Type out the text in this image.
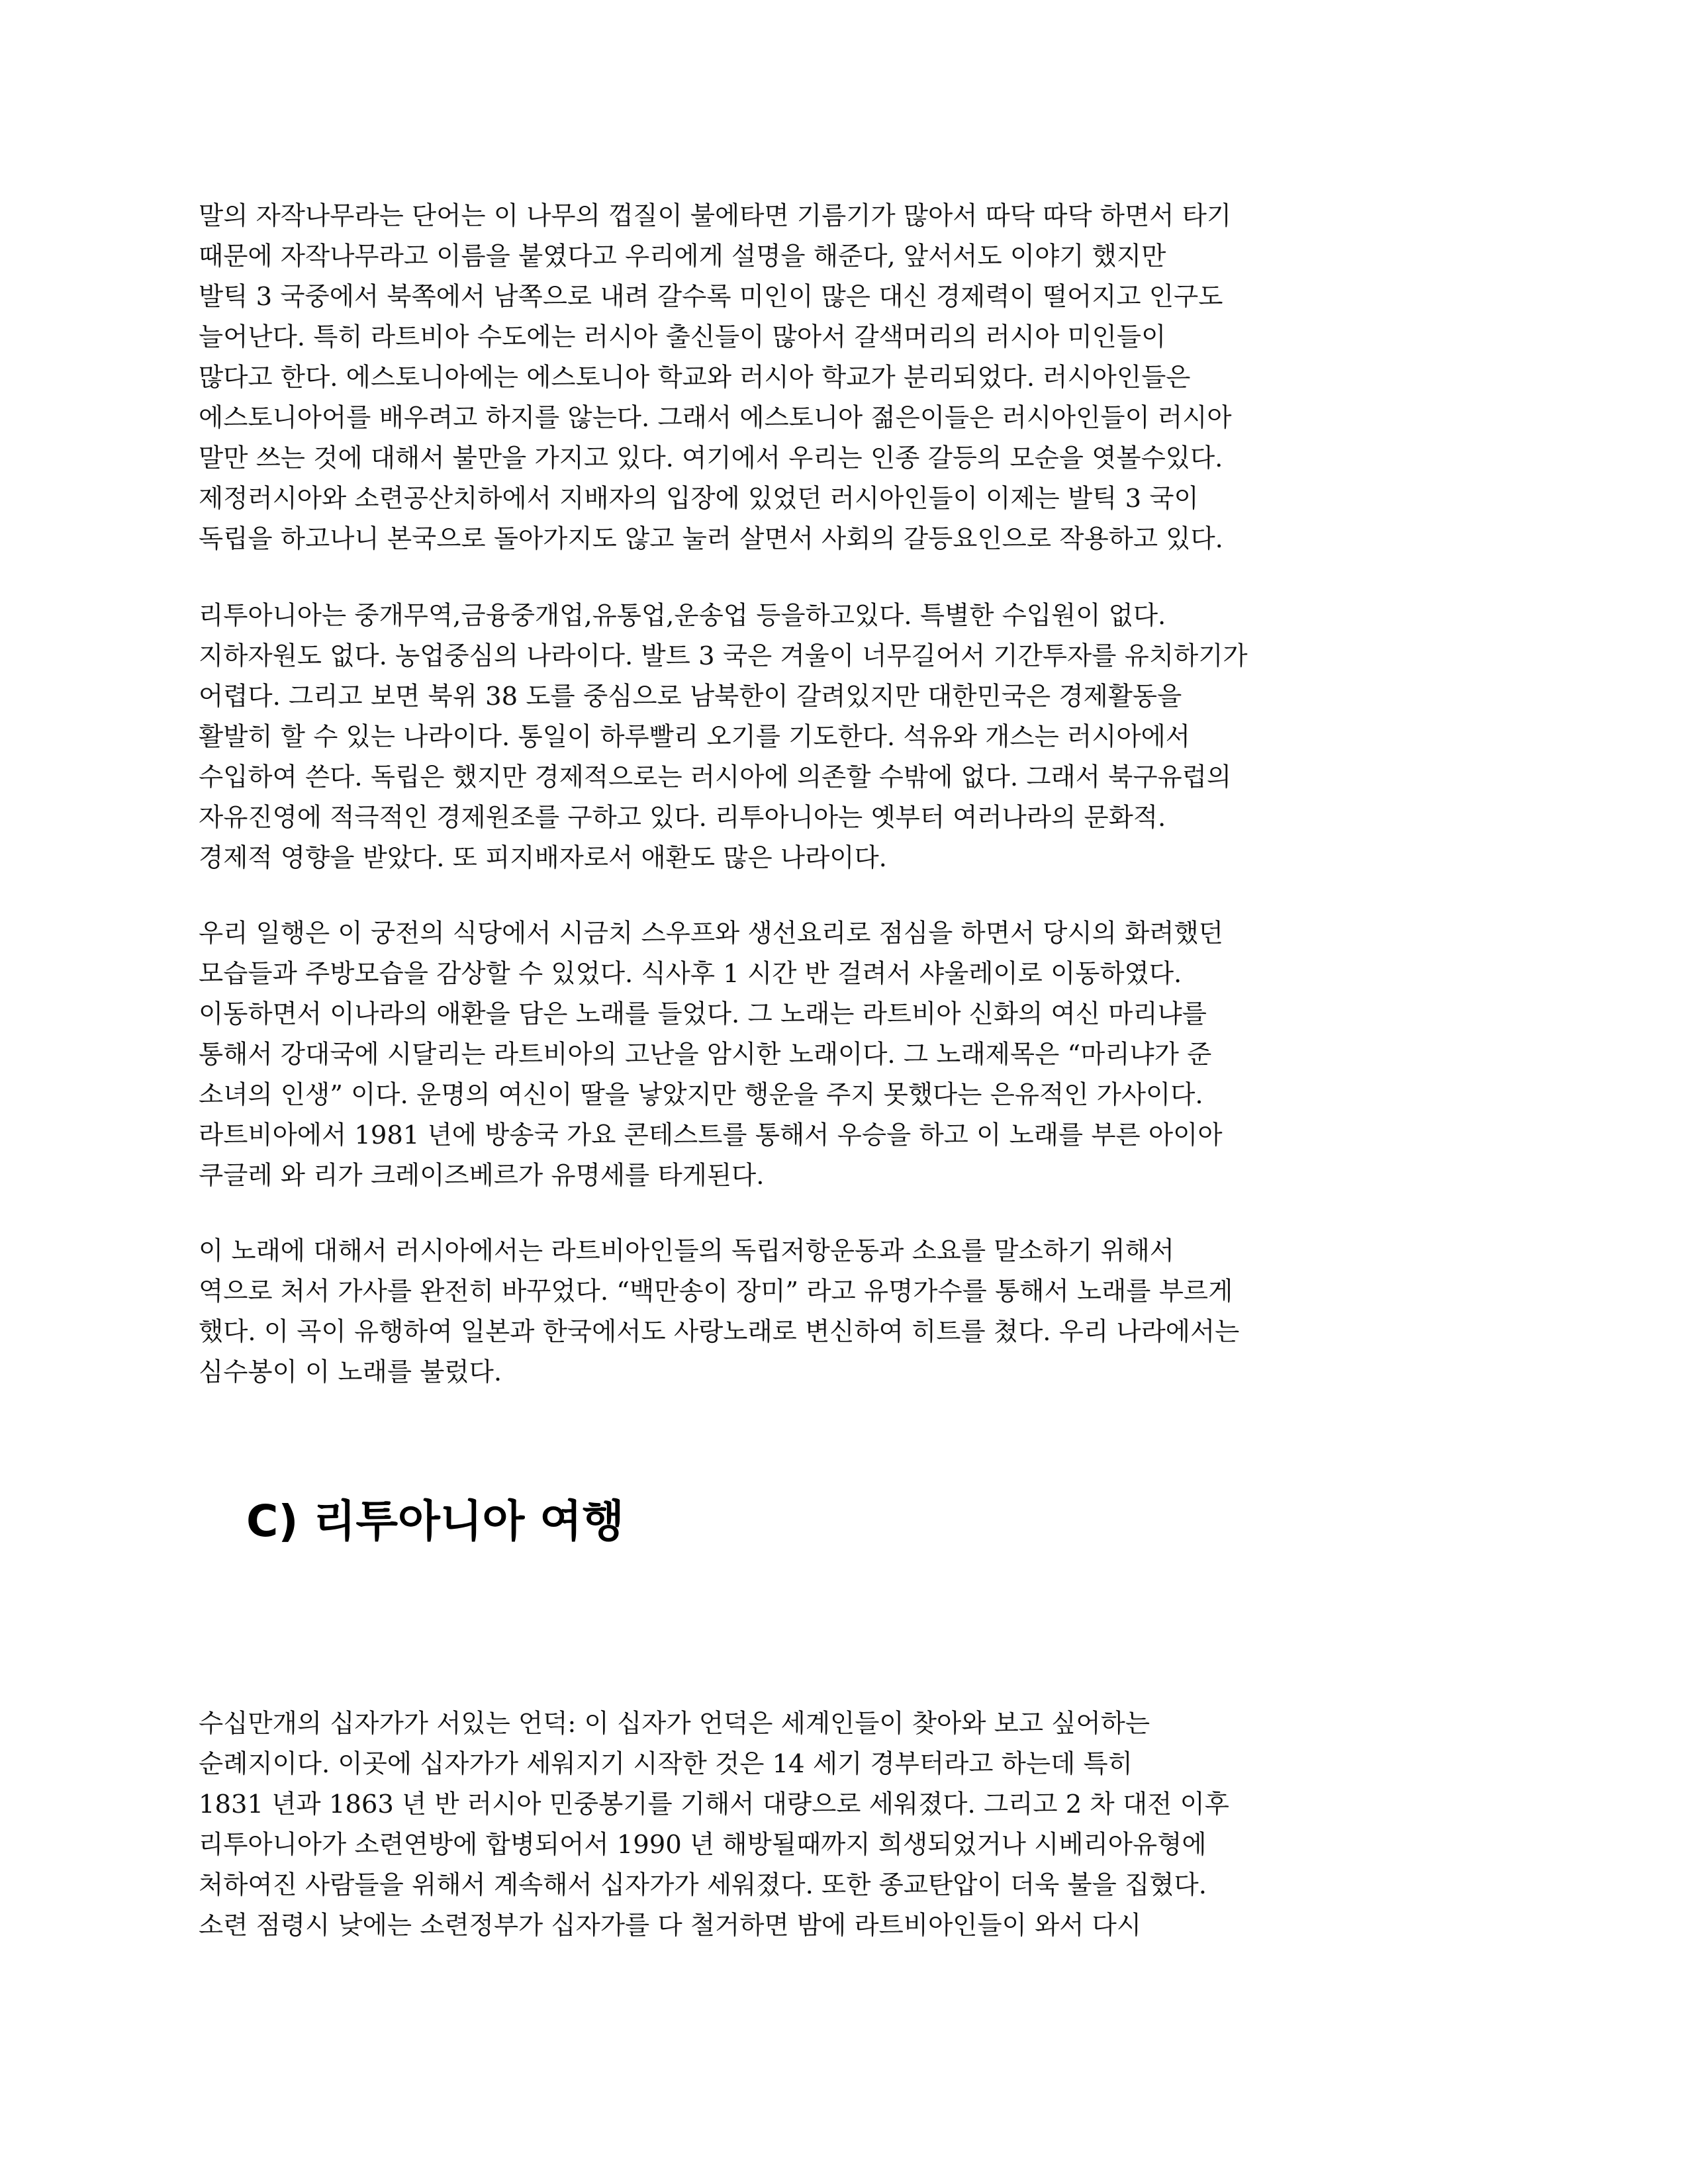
말의 자작나무라는 단어는 이 나무의 껍질이 불에타면 기름기가 많아서 따닥 따닥 하면서 타기
때문에 자작나무라고 이름을 붙였다고 우리에게 설명을 해준다, 앞서서도 이야기 했지만
발틱 3 국중에서 북쪽에서 남쪽으로 내려 갈수록 미인이 많은 대신 경제력이 떨어지고 인구도
늘어난다. 특히 라트비아 수도에는 러시아 출신들이 많아서 갈색머리의 러시아 미인들이
많다고 한다. 에스토니아에는 에스토니아 학교와 러시아 학교가 분리되었다. 러시아인들은
에스토니아어를 배우려고 하지를 않는다. 그래서 에스토니아 젊은이들은 러시아인들이 러시아
말만 쓰는 것에 대해서 불만을 가지고 있다. 여기에서 우리는 인종 갈등의 모순을 엿볼수있다.
제정러시아와 소련공산치하에서 지배자의 입장에 있었던 러시아인들이 이제는 발틱 3 국이
독립을 하고나니 본국으로 돌아가지도 않고 눌러 살면서 사회의 갈등요인으로 작용하고 있다.

리투아니아는 중개무역,금융중개업,유통업,운송업 등을하고있다. 특별한 수입원이 없다.
지하자원도 없다. 농업중심의 나라이다. 발트 3 국은 겨울이 너무길어서 기간투자를 유치하기가
어렵다. 그리고 보면 북위 38 도를 중심으로 남북한이 갈려있지만 대한민국은 경제활동을
활발히 할 수 있는 나라이다. 통일이 하루빨리 오기를 기도한다. 석유와 개스는 러시아에서
수입하여 쓴다. 독립은 했지만 경제적으로는 러시아에 의존할 수밖에 없다. 그래서 북구유럽의
자유진영에 적극적인 경제원조를 구하고 있다. 리투아니아는 옛부터 여러나라의 문화적.
경제적 영향을 받았다. 또 피지배자로서 애환도 많은 나라이다.

우리 일행은 이 궁전의 식당에서 시금치 스우프와 생선요리로 점심을 하면서 당시의 화려했던
모습들과 주방모습을 감상할 수 있었다. 식사후 1 시간 반 걸려서 샤울레이로 이동하였다.
이동하면서 이나라의 애환을 담은 노래를 들었다. 그 노래는 라트비아 신화의 여신 마리냐를
통해서 강대국에 시달리는 라트비아의 고난을 암시한 노래이다. 그 노래제목은 “마리냐가 준
소녀의 인생” 이다. 운명의 여신이 딸을 낳았지만 행운을 주지 못했다는 은유적인 가사이다.
라트비아에서 1981 년에 방송국 가요 콘테스트를 통해서 우승을 하고 이 노래를 부른 아이아
쿠글레 와 리가 크레이즈베르가 유명세를 타게된다.

이 노래에 대해서 러시아에서는 라트비아인들의 독립저항운동과 소요를 말소하기 위해서
역으로 처서 가사를 완전히 바꾸었다. “백만송이 장미” 라고 유명가수를 통해서 노래를 부르게
했다. 이 곡이 유행하여 일본과 한국에서도 사랑노래로 변신하여 히트를 쳤다. 우리 나라에서는
심수봉이 이 노래를 불렀다.

C) 리투아니아 여행

수십만개의 십자가가 서있는 언덕: 이 십자가 언덕은 세계인들이 찾아와 보고 싶어하는
순례지이다. 이곳에 십자가가 세워지기 시작한 것은 14 세기 경부터라고 하는데 특히
1831 년과 1863 년 반 러시아 민중봉기를 기해서 대량으로 세워졌다. 그리고 2 차 대전 이후
리투아니아가 소련연방에 합병되어서 1990 년 해방될때까지 희생되었거나 시베리아유형에
처하여진 사람들을 위해서 계속해서 십자가가 세워졌다. 또한 종교탄압이 더욱 불을 집혔다.
소련 점령시 낮에는 소련정부가 십자가를 다 철거하면 밤에 라트비아인들이 와서 다시
